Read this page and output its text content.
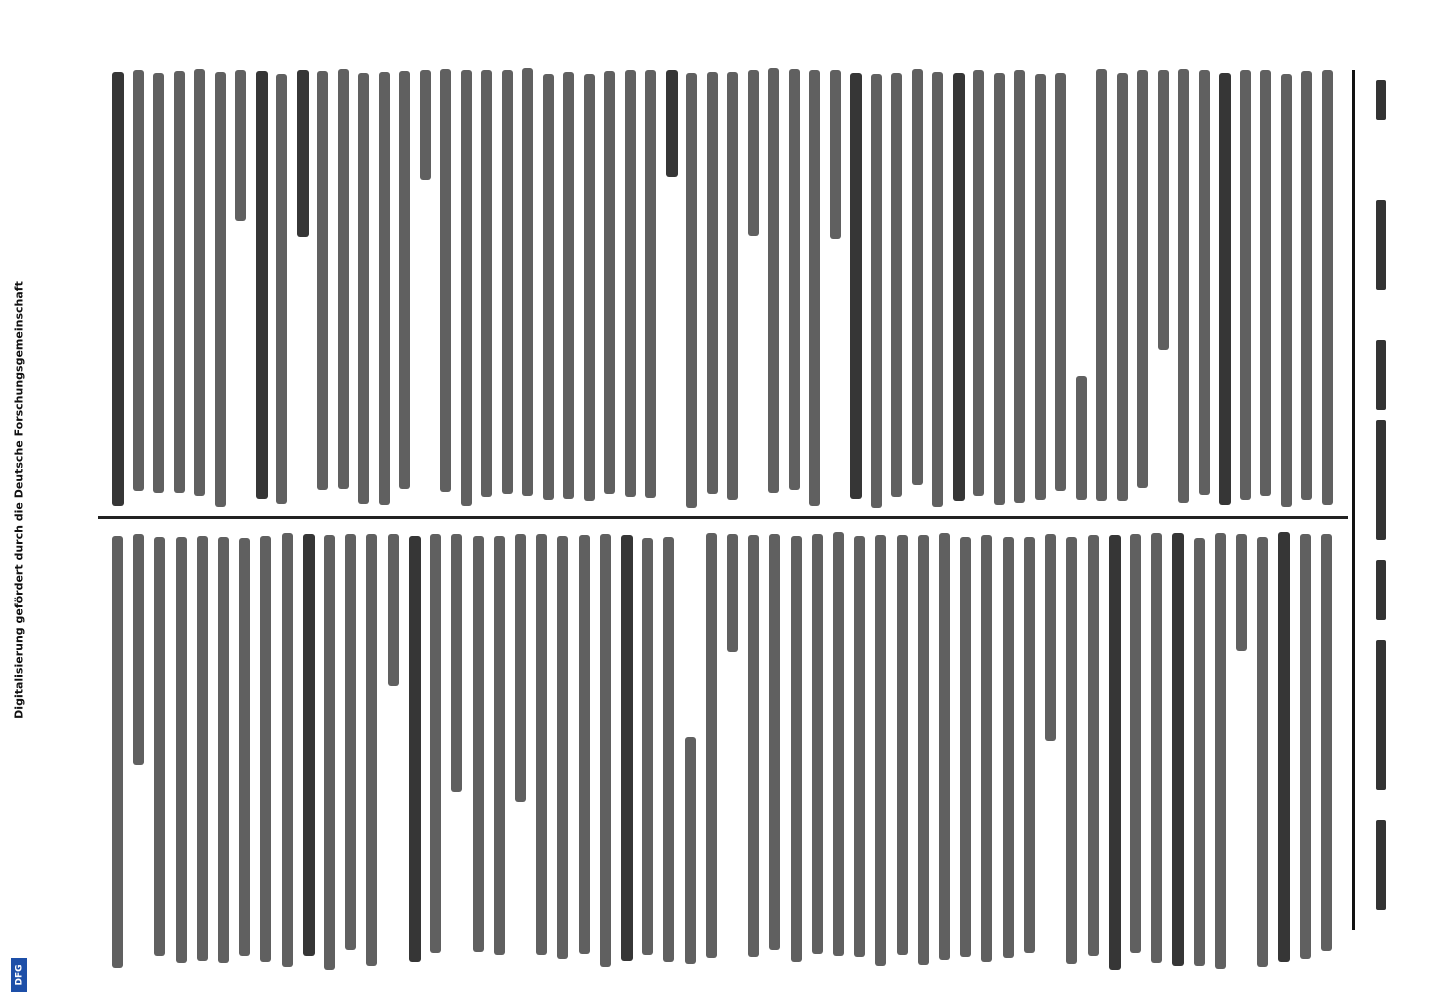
Digitalisierung gefördert durch die Deutsche Forschungsgemeinschaft
DFG
